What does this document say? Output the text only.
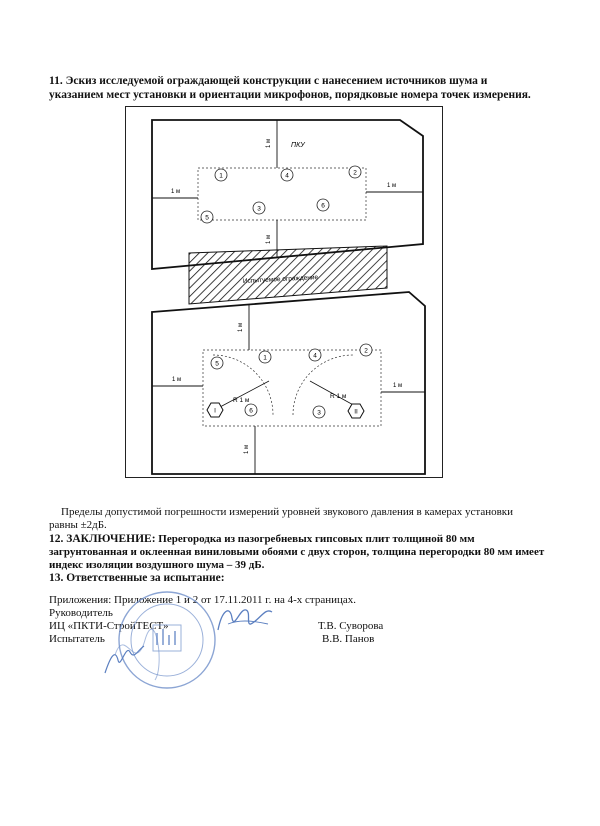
11. Эскиз исследуемой ограждающей конструкции с нанесением источников шума и
указанием мест установки и ориентации микрофонов, порядковые номера точек измерения.
ПКУ
1 м
1 м
1 м
1 м
1	4	2
5
3	6
Испытуемое ограждение
1 м
1 м
1 м
1 м
R 1 м
R 1 м
5
1	4
2
6	3
I	II
Пределы допустимой погрешности измерений уровней звукового давления в камерах установки
равны ±2дБ.
12. ЗАКЛЮЧЕНИЕ: Перегородка из пазогребневых гипсовых плит толщиной 80 мм
загрунтованная и оклеенная виниловыми обоями с двух сторон, толщина перегородки 80 мм имеет
индекс изоляции воздушного шума – 39 дБ.
13. Ответственные за испытание:
Приложения: Приложение 1 и 2 от 17.11.2011 г. на 4-х страницах.
Руководитель
ИЦ «ПКТИ-СтройТЕСТ»
Испытатель
Т.В. Суворова
В.В. Панов
